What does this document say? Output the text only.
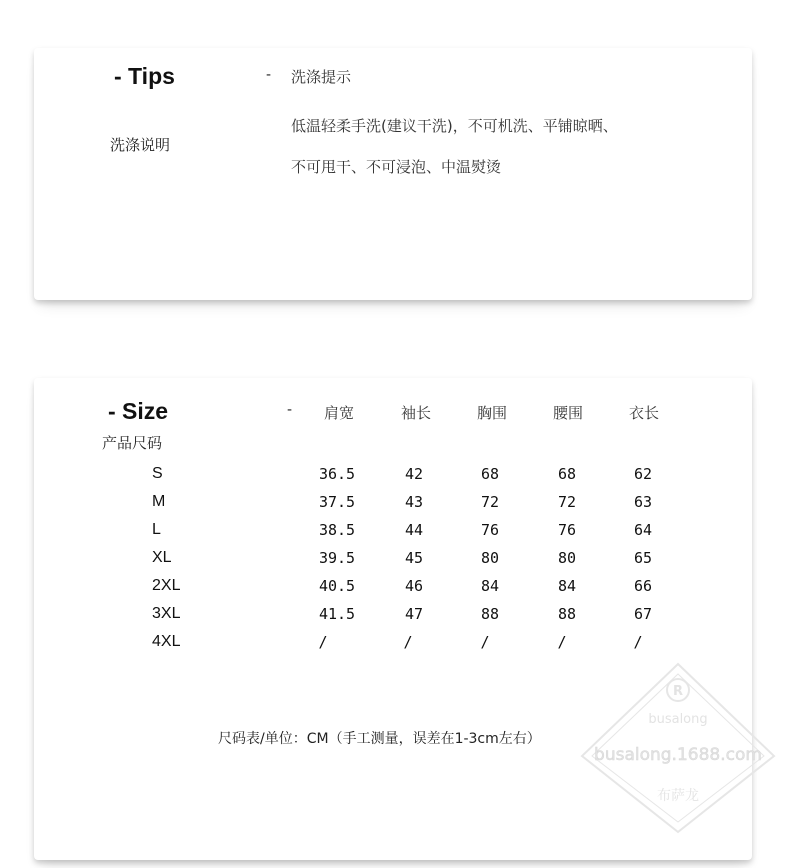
- Tips	- 洗涤提示
洗涤说明
低温轻柔手洗(建议干洗)，不可机洗、平铺晾晒、
不可甩干、不可浸泡、中温熨烫
- Size	-
产品尺码
肩宽	袖长	胸围	腰围	衣长
S	36.5	42	68	68	62
M	37.5	43	72	72	63
L	38.5	44	76	76	64
XL	39.5	45	80	80	65
2XL	40.5	46	84	84	66
3XL	41.5	47	88	88	67
4XL	/	/	/	/	/
尺码表/单位：CM（手工测量，误差在1-3cm左右）
R
busalong
busalong.1688.com
布萨龙
